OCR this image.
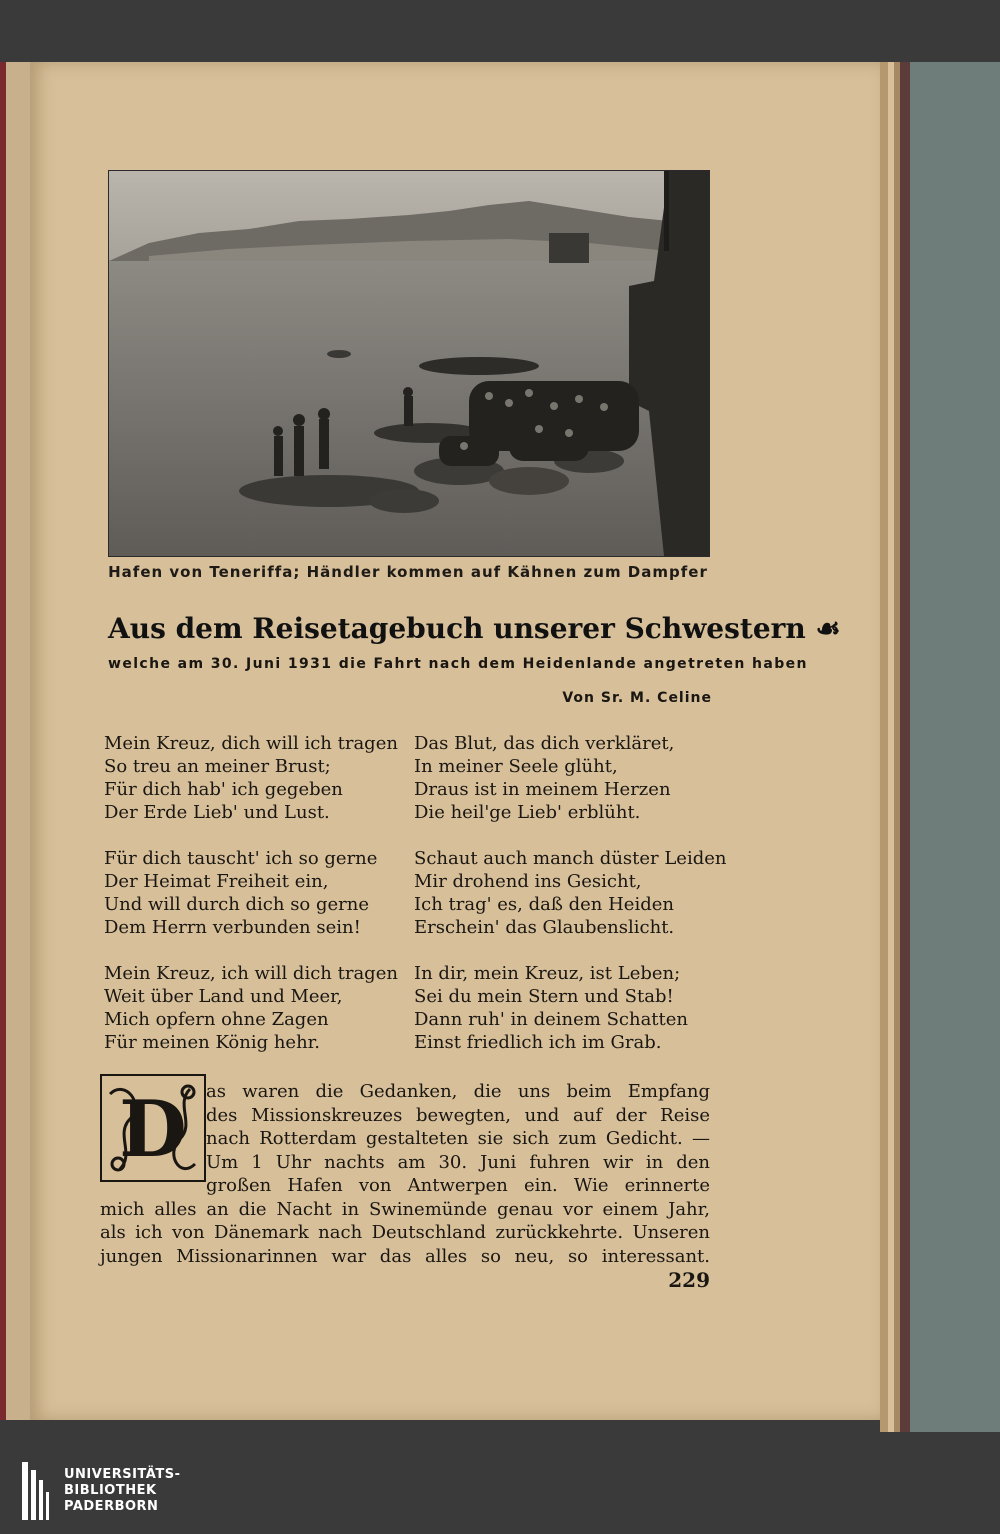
Hafen von Teneriffa; Händler kommen auf Kähnen zum Dampfer
Aus dem Reisetagebuch unserer Schwestern ☙
welche am 30. Juni 1931 die Fahrt nach dem Heidenlande angetreten haben
Von Sr. M. Celine
Mein Kreuz, dich will ich tragen
So treu an meiner Brust;
Für dich hab' ich gegeben
Der Erde Lieb' und Lust.
Für dich tauscht' ich so gerne
Der Heimat Freiheit ein,
Und will durch dich so gerne
Dem Herrn verbunden sein!
Mein Kreuz, ich will dich tragen
Weit über Land und Meer,
Mich opfern ohne Zagen
Für meinen König hehr.
Das Blut, das dich verkläret,
In meiner Seele glüht,
Draus ist in meinem Herzen
Die heil'ge Lieb' erblüht.
Schaut auch manch düster Leiden
Mir drohend ins Gesicht,
Ich trag' es, daß den Heiden
Erschein' das Glaubenslicht.
In dir, mein Kreuz, ist Leben;
Sei du mein Stern und Stab!
Dann ruh' in deinem Schatten
Einst friedlich ich im Grab.
D	as waren die Gedanken, die uns beim Empfang
des Missionskreuzes bewegten, und auf der Reise
nach Rotterdam gestalteten sie sich zum Gedicht. —
Um 1 Uhr nachts am 30. Juni fuhren wir in den
großen Hafen von Antwerpen ein. Wie erinnerte
mich alles an die Nacht in Swinemünde genau vor einem Jahr,
als ich von Dänemark nach Deutschland zurückkehrte. Unseren
jungen Missionarinnen war das alles so neu, so interessant.
229
UNIVERSITÄTS-
BIBLIOTHEK
PADERBORN
